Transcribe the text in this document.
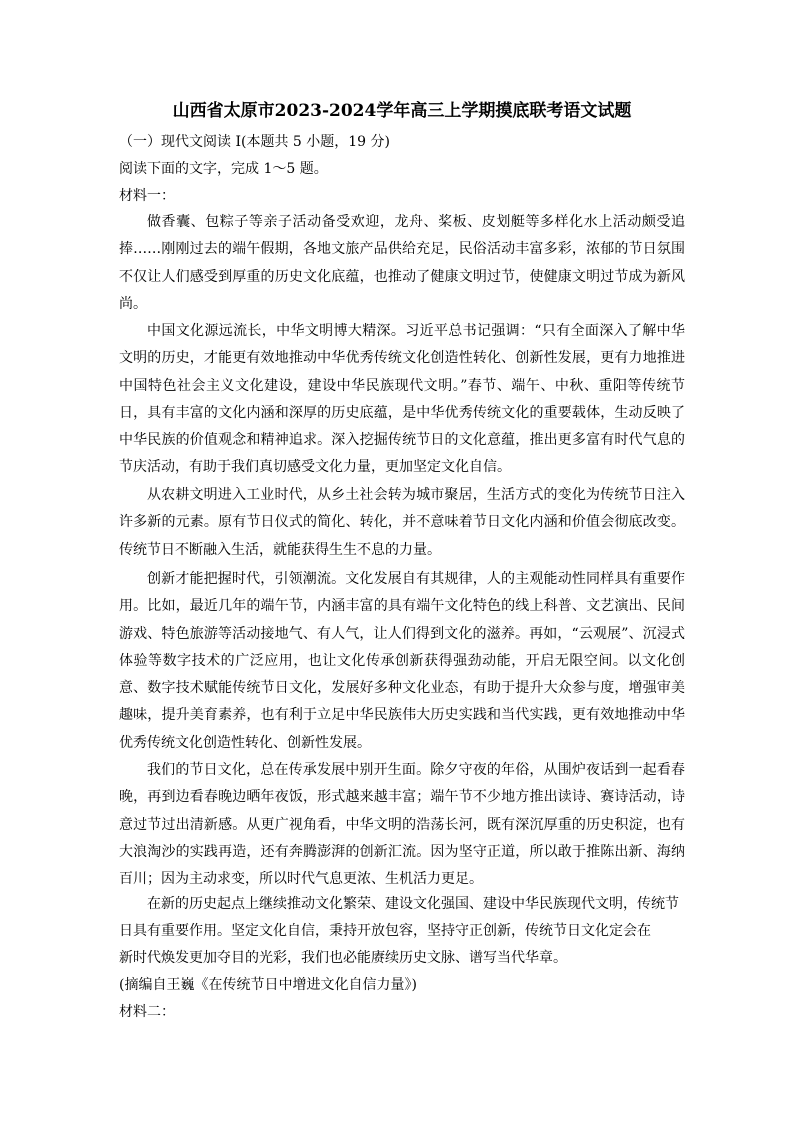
山西省太原市2023-2024学年高三上学期摸底联考语文试题
（一）现代文阅读 I(本题共 5 小题，19 分)
阅读下面的文字，完成 1～5 题。
材料一：

做香囊、包粽子等亲子活动备受欢迎，龙舟、桨板、皮划艇等多样化水上活动颇受追捧……刚刚过去的端午假期，各地文旅产品供给充足，民俗活动丰富多彩，浓郁的节日氛围不仅让人们感受到厚重的历史文化底蕴，也推动了健康文明过节，使健康文明过节成为新风尚。

中国文化源远流长，中华文明博大精深。习近平总书记强调：“只有全面深入了解中华文明的历史，才能更有效地推动中华优秀传统文化创造性转化、创新性发展，更有力地推进中国特色社会主义文化建设，建设中华民族现代文明。”春节、端午、中秋、重阳等传统节日，具有丰富的文化内涵和深厚的历史底蕴，是中华优秀传统文化的重要载体，生动反映了中华民族的价值观念和精神追求。深入挖掘传统节日的文化意蕴，推出更多富有时代气息的节庆活动，有助于我们真切感受文化力量，更加坚定文化自信。

从农耕文明进入工业时代，从乡土社会转为城市聚居，生活方式的变化为传统节日注入许多新的元素。原有节日仪式的简化、转化，并不意味着节日文化内涵和价值会彻底改变。传统节日不断融入生活，就能获得生生不息的力量。

创新才能把握时代，引领潮流。文化发展自有其规律，人的主观能动性同样具有重要作用。比如，最近几年的端午节，内涵丰富的具有端午文化特色的线上科普、文艺演出、民间游戏、特色旅游等活动接地气、有人气，让人们得到文化的滋养。再如，“云观展”、沉浸式体验等数字技术的广泛应用，也让文化传承创新获得强劲动能，开启无限空间。以文化创意、数字技术赋能传统节日文化，发展好多种文化业态，有助于提升大众参与度，增强审美趣味，提升美育素养，也有利于立足中华民族伟大历史实践和当代实践，更有效地推动中华优秀传统文化创造性转化、创新性发展。

我们的节日文化，总在传承发展中别开生面。除夕守夜的年俗，从围炉夜话到一起看春晚，再到边看春晚边晒年夜饭，形式越来越丰富；端午节不少地方推出读诗、赛诗活动，诗意过节过出清新感。从更广视角看，中华文明的浩荡长河，既有深沉厚重的历史积淀，也有大浪淘沙的实践再造，还有奔腾澎湃的创新汇流。因为坚守正道，所以敢于推陈出新、海纳百川；因为主动求变，所以时代气息更浓、生机活力更足。

在新的历史起点上继续推动文化繁荣、建设文化强国、建设中华民族现代文明，传统节
日具有重要作用。坚定文化自信，秉持开放包容，坚持守正创新，传统节日文化定会在
新时代焕发更加夺目的光彩，我们也必能赓续历史文脉、谱写当代华章。
(摘编自王巍《在传统节日中增进文化自信力量》)
材料二：
